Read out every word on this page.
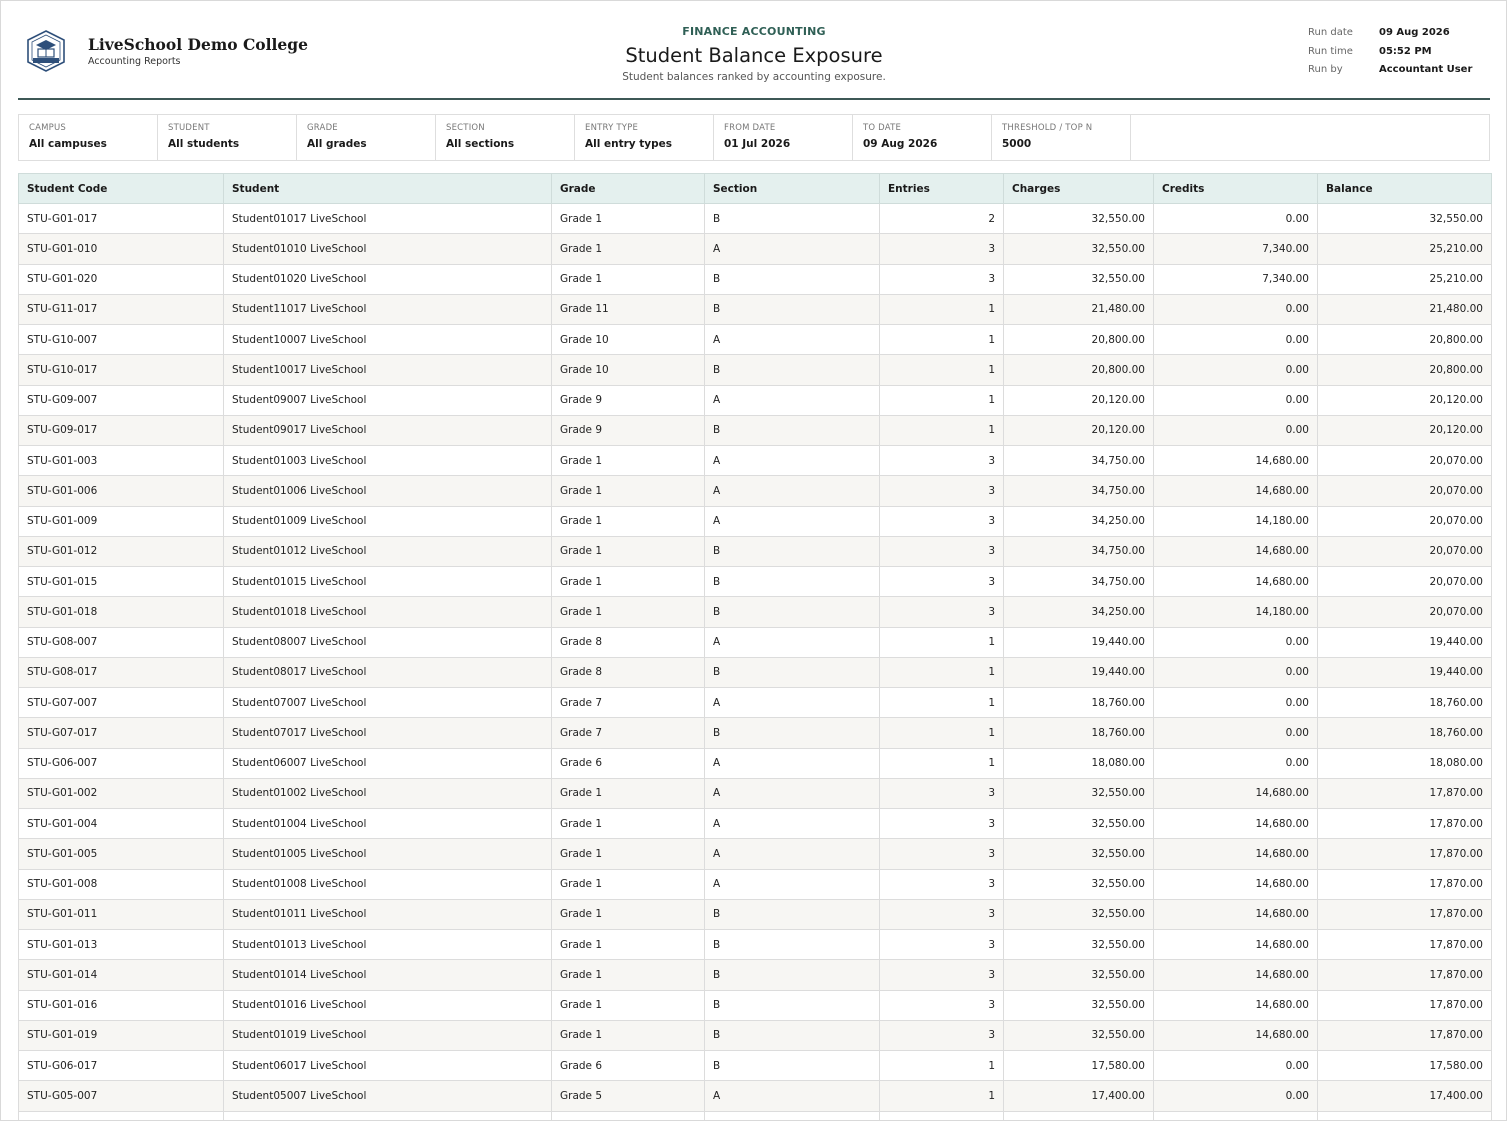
LiveSchool Demo College
Accounting Reports
FINANCE ACCOUNTING
Student Balance Exposure
Student balances ranked by accounting exposure.
Run date	09 Aug 2026
Run time	05:52 PM
Run by	Accountant User
CAMPUS
All campuses
STUDENT
All students
GRADE
All grades
SECTION
All sections
ENTRY TYPE
All entry types
FROM DATE
01 Jul 2026
TO DATE
09 Aug 2026
THRESHOLD / TOP N
5000
Student Code	Student	Grade	Section	Entries	Charges	Credits	Balance
STU-G01-017	Student01017 LiveSchool	Grade 1	B	2	32,550.00	0.00	32,550.00
STU-G01-010	Student01010 LiveSchool	Grade 1	A	3	32,550.00	7,340.00	25,210.00
STU-G01-020	Student01020 LiveSchool	Grade 1	B	3	32,550.00	7,340.00	25,210.00
STU-G11-017	Student11017 LiveSchool	Grade 11	B	1	21,480.00	0.00	21,480.00
STU-G10-007	Student10007 LiveSchool	Grade 10	A	1	20,800.00	0.00	20,800.00
STU-G10-017	Student10017 LiveSchool	Grade 10	B	1	20,800.00	0.00	20,800.00
STU-G09-007	Student09007 LiveSchool	Grade 9	A	1	20,120.00	0.00	20,120.00
STU-G09-017	Student09017 LiveSchool	Grade 9	B	1	20,120.00	0.00	20,120.00
STU-G01-003	Student01003 LiveSchool	Grade 1	A	3	34,750.00	14,680.00	20,070.00
STU-G01-006	Student01006 LiveSchool	Grade 1	A	3	34,750.00	14,680.00	20,070.00
STU-G01-009	Student01009 LiveSchool	Grade 1	A	3	34,250.00	14,180.00	20,070.00
STU-G01-012	Student01012 LiveSchool	Grade 1	B	3	34,750.00	14,680.00	20,070.00
STU-G01-015	Student01015 LiveSchool	Grade 1	B	3	34,750.00	14,680.00	20,070.00
STU-G01-018	Student01018 LiveSchool	Grade 1	B	3	34,250.00	14,180.00	20,070.00
STU-G08-007	Student08007 LiveSchool	Grade 8	A	1	19,440.00	0.00	19,440.00
STU-G08-017	Student08017 LiveSchool	Grade 8	B	1	19,440.00	0.00	19,440.00
STU-G07-007	Student07007 LiveSchool	Grade 7	A	1	18,760.00	0.00	18,760.00
STU-G07-017	Student07017 LiveSchool	Grade 7	B	1	18,760.00	0.00	18,760.00
STU-G06-007	Student06007 LiveSchool	Grade 6	A	1	18,080.00	0.00	18,080.00
STU-G01-002	Student01002 LiveSchool	Grade 1	A	3	32,550.00	14,680.00	17,870.00
STU-G01-004	Student01004 LiveSchool	Grade 1	A	3	32,550.00	14,680.00	17,870.00
STU-G01-005	Student01005 LiveSchool	Grade 1	A	3	32,550.00	14,680.00	17,870.00
STU-G01-008	Student01008 LiveSchool	Grade 1	A	3	32,550.00	14,680.00	17,870.00
STU-G01-011	Student01011 LiveSchool	Grade 1	B	3	32,550.00	14,680.00	17,870.00
STU-G01-013	Student01013 LiveSchool	Grade 1	B	3	32,550.00	14,680.00	17,870.00
STU-G01-014	Student01014 LiveSchool	Grade 1	B	3	32,550.00	14,680.00	17,870.00
STU-G01-016	Student01016 LiveSchool	Grade 1	B	3	32,550.00	14,680.00	17,870.00
STU-G01-019	Student01019 LiveSchool	Grade 1	B	3	32,550.00	14,680.00	17,870.00
STU-G06-017	Student06017 LiveSchool	Grade 6	B	1	17,580.00	0.00	17,580.00
STU-G05-007	Student05007 LiveSchool	Grade 5	A	1	17,400.00	0.00	17,400.00
